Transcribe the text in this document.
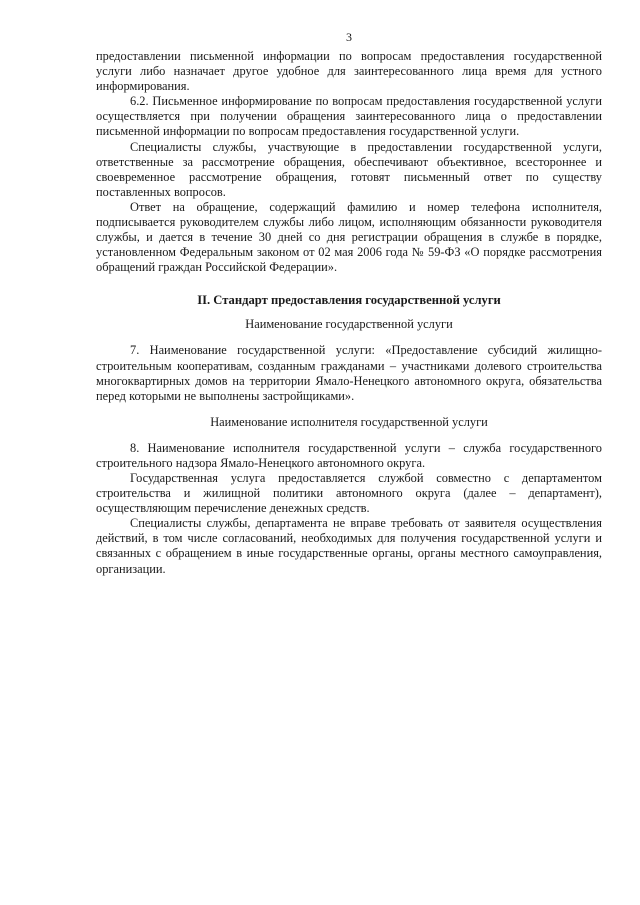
3

предоставлении письменной информации по вопросам предоставления государственной услуги либо назначает другое удобное для заинтересованного лица время для устного информирования.

6.2. Письменное информирование по вопросам предоставления государственной услуги осуществляется при получении обращения заинтересованного лица о предоставлении письменной информации по вопросам предоставления государственной услуги.

Специалисты службы, участвующие в предоставлении государственной услуги, ответственные за рассмотрение обращения, обеспечивают объективное, всестороннее и своевременное рассмотрение обращения, готовят письменный ответ по существу поставленных вопросов.

Ответ на обращение, содержащий фамилию и номер телефона исполнителя, подписывается руководителем службы либо лицом, исполняющим обязанности руководителя службы, и дается в течение 30 дней со дня регистрации обращения в службе в порядке, установленном Федеральным законом от 02 мая 2006 года № 59-ФЗ «О порядке рассмотрения обращений граждан Российской Федерации».

II. Стандарт предоставления государственной услуги
Наименование государственной услуги

7. Наименование государственной услуги: «Предоставление субсидий жилищно-строительным кооперативам, созданным гражданами – участниками долевого строительства многоквартирных домов на территории Ямало-Ненецкого автономного округа, обязательства перед которыми не выполнены застройщиками».

Наименование исполнителя государственной услуги

8. Наименование исполнителя государственной услуги – служба государственного строительного надзора Ямало-Ненецкого автономного округа.

Государственная услуга предоставляется службой совместно с департаментом строительства и жилищной политики автономного округа (далее – департамент), осуществляющим перечисление денежных средств.

Специалисты службы, департамента не вправе требовать от заявителя осуществления действий, в том числе согласований, необходимых для получения государственной услуги и связанных с обращением в иные государственные органы, органы местного самоуправления, организации.
